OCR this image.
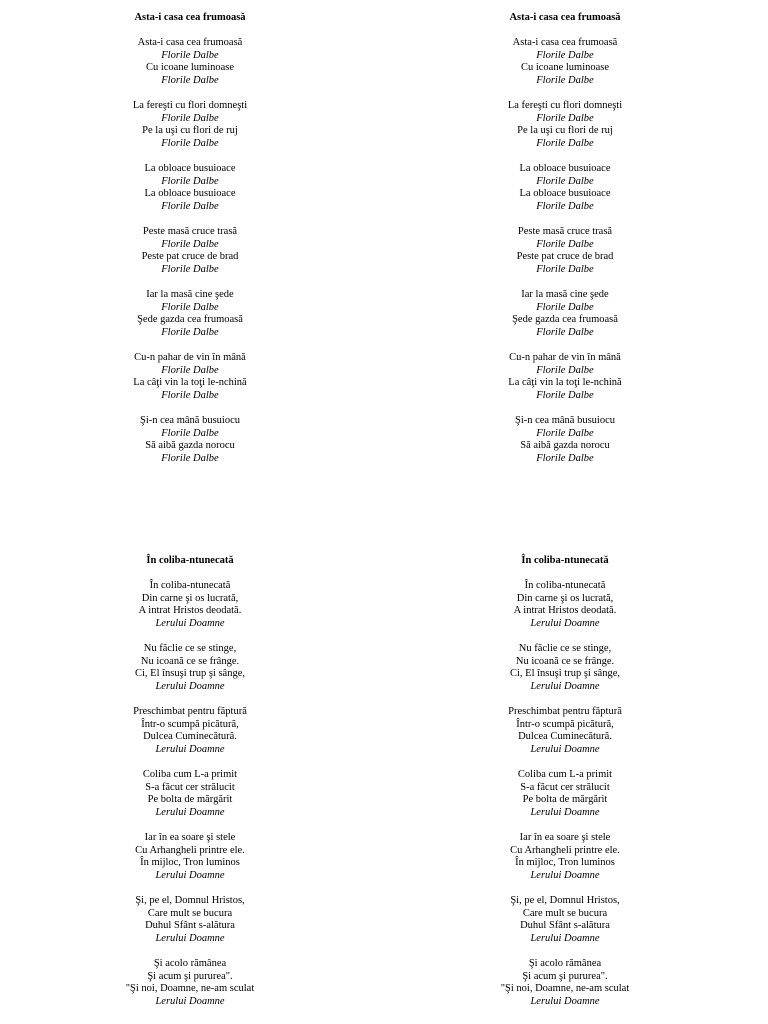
Asta-i casa cea frumoasă
Asta-i casa cea frumoasă
Florile Dalbe
Cu icoane luminoase
Florile Dalbe
La fereşti cu flori domneşti
Florile Dalbe
Pe la uşi cu flori de ruj
Florile Dalbe
La obloace busuioace
Florile Dalbe
La obloace busuioace
Florile Dalbe
Peste masă cruce trasă
Florile Dalbe
Peste pat cruce de brad
Florile Dalbe
Iar la masă cine şede
Florile Dalbe
Şede gazda cea frumoasă
Florile Dalbe
Cu-n pahar de vin în mână
Florile Dalbe
La câţi vin la toţi le-nchină
Florile Dalbe
Şi-n cea mână busuiocu
Florile Dalbe
Să aibă gazda norocu
Florile Dalbe
Asta-i casa cea frumoasă
Asta-i casa cea frumoasă
Florile Dalbe
Cu icoane luminoase
Florile Dalbe
La fereşti cu flori domneşti
Florile Dalbe
Pe la uşi cu flori de ruj
Florile Dalbe
La obloace busuioace
Florile Dalbe
La obloace busuioace
Florile Dalbe
Peste masă cruce trasă
Florile Dalbe
Peste pat cruce de brad
Florile Dalbe
Iar la masă cine şede
Florile Dalbe
Şede gazda cea frumoasă
Florile Dalbe
Cu-n pahar de vin în mână
Florile Dalbe
La câţi vin la toţi le-nchină
Florile Dalbe
Şi-n cea mână busuiocu
Florile Dalbe
Să aibă gazda norocu
Florile Dalbe
În coliba-ntunecată
În coliba-ntunecată
Din carne şi os lucrată,
A intrat Hristos deodată.
Lerului Doamne
Nu făclie ce se stinge,
Nu icoană ce se frânge.
Ci, El însuşi trup şi sânge,
Lerului Doamne
Preschimbat pentru făptură
Într-o scumpă picătură,
Dulcea Cuminecătură.
Lerului Doamne
Coliba cum L-a primit
S-a făcut cer strălucit
Pe bolta de mărgărit
Lerului Doamne
Iar în ea soare şi stele
Cu Arhangheli printre ele.
În mijloc, Tron luminos
Lerului Doamne
Şi, pe el, Domnul Hristos,
Care mult se bucura
Duhul Sfânt s-alătura
Lerului Doamne
Şi acolo rămânea
Şi acum şi pururea".
"Şi noi, Doamne, ne-am sculat
Lerului Doamne
În coliba-ntunecată
În coliba-ntunecată
Din carne şi os lucrată,
A intrat Hristos deodată.
Lerului Doamne
Nu făclie ce se stinge,
Nu icoană ce se frânge.
Ci, El însuşi trup şi sânge,
Lerului Doamne
Preschimbat pentru făptură
Într-o scumpă picătură,
Dulcea Cuminecătură.
Lerului Doamne
Coliba cum L-a primit
S-a făcut cer strălucit
Pe bolta de mărgărit
Lerului Doamne
Iar în ea soare şi stele
Cu Arhangheli printre ele.
În mijloc, Tron luminos
Lerului Doamne
Şi, pe el, Domnul Hristos,
Care mult se bucura
Duhul Sfânt s-alătura
Lerului Doamne
Şi acolo rămânea
Şi acum şi pururea".
"Şi noi, Doamne, ne-am sculat
Lerului Doamne
